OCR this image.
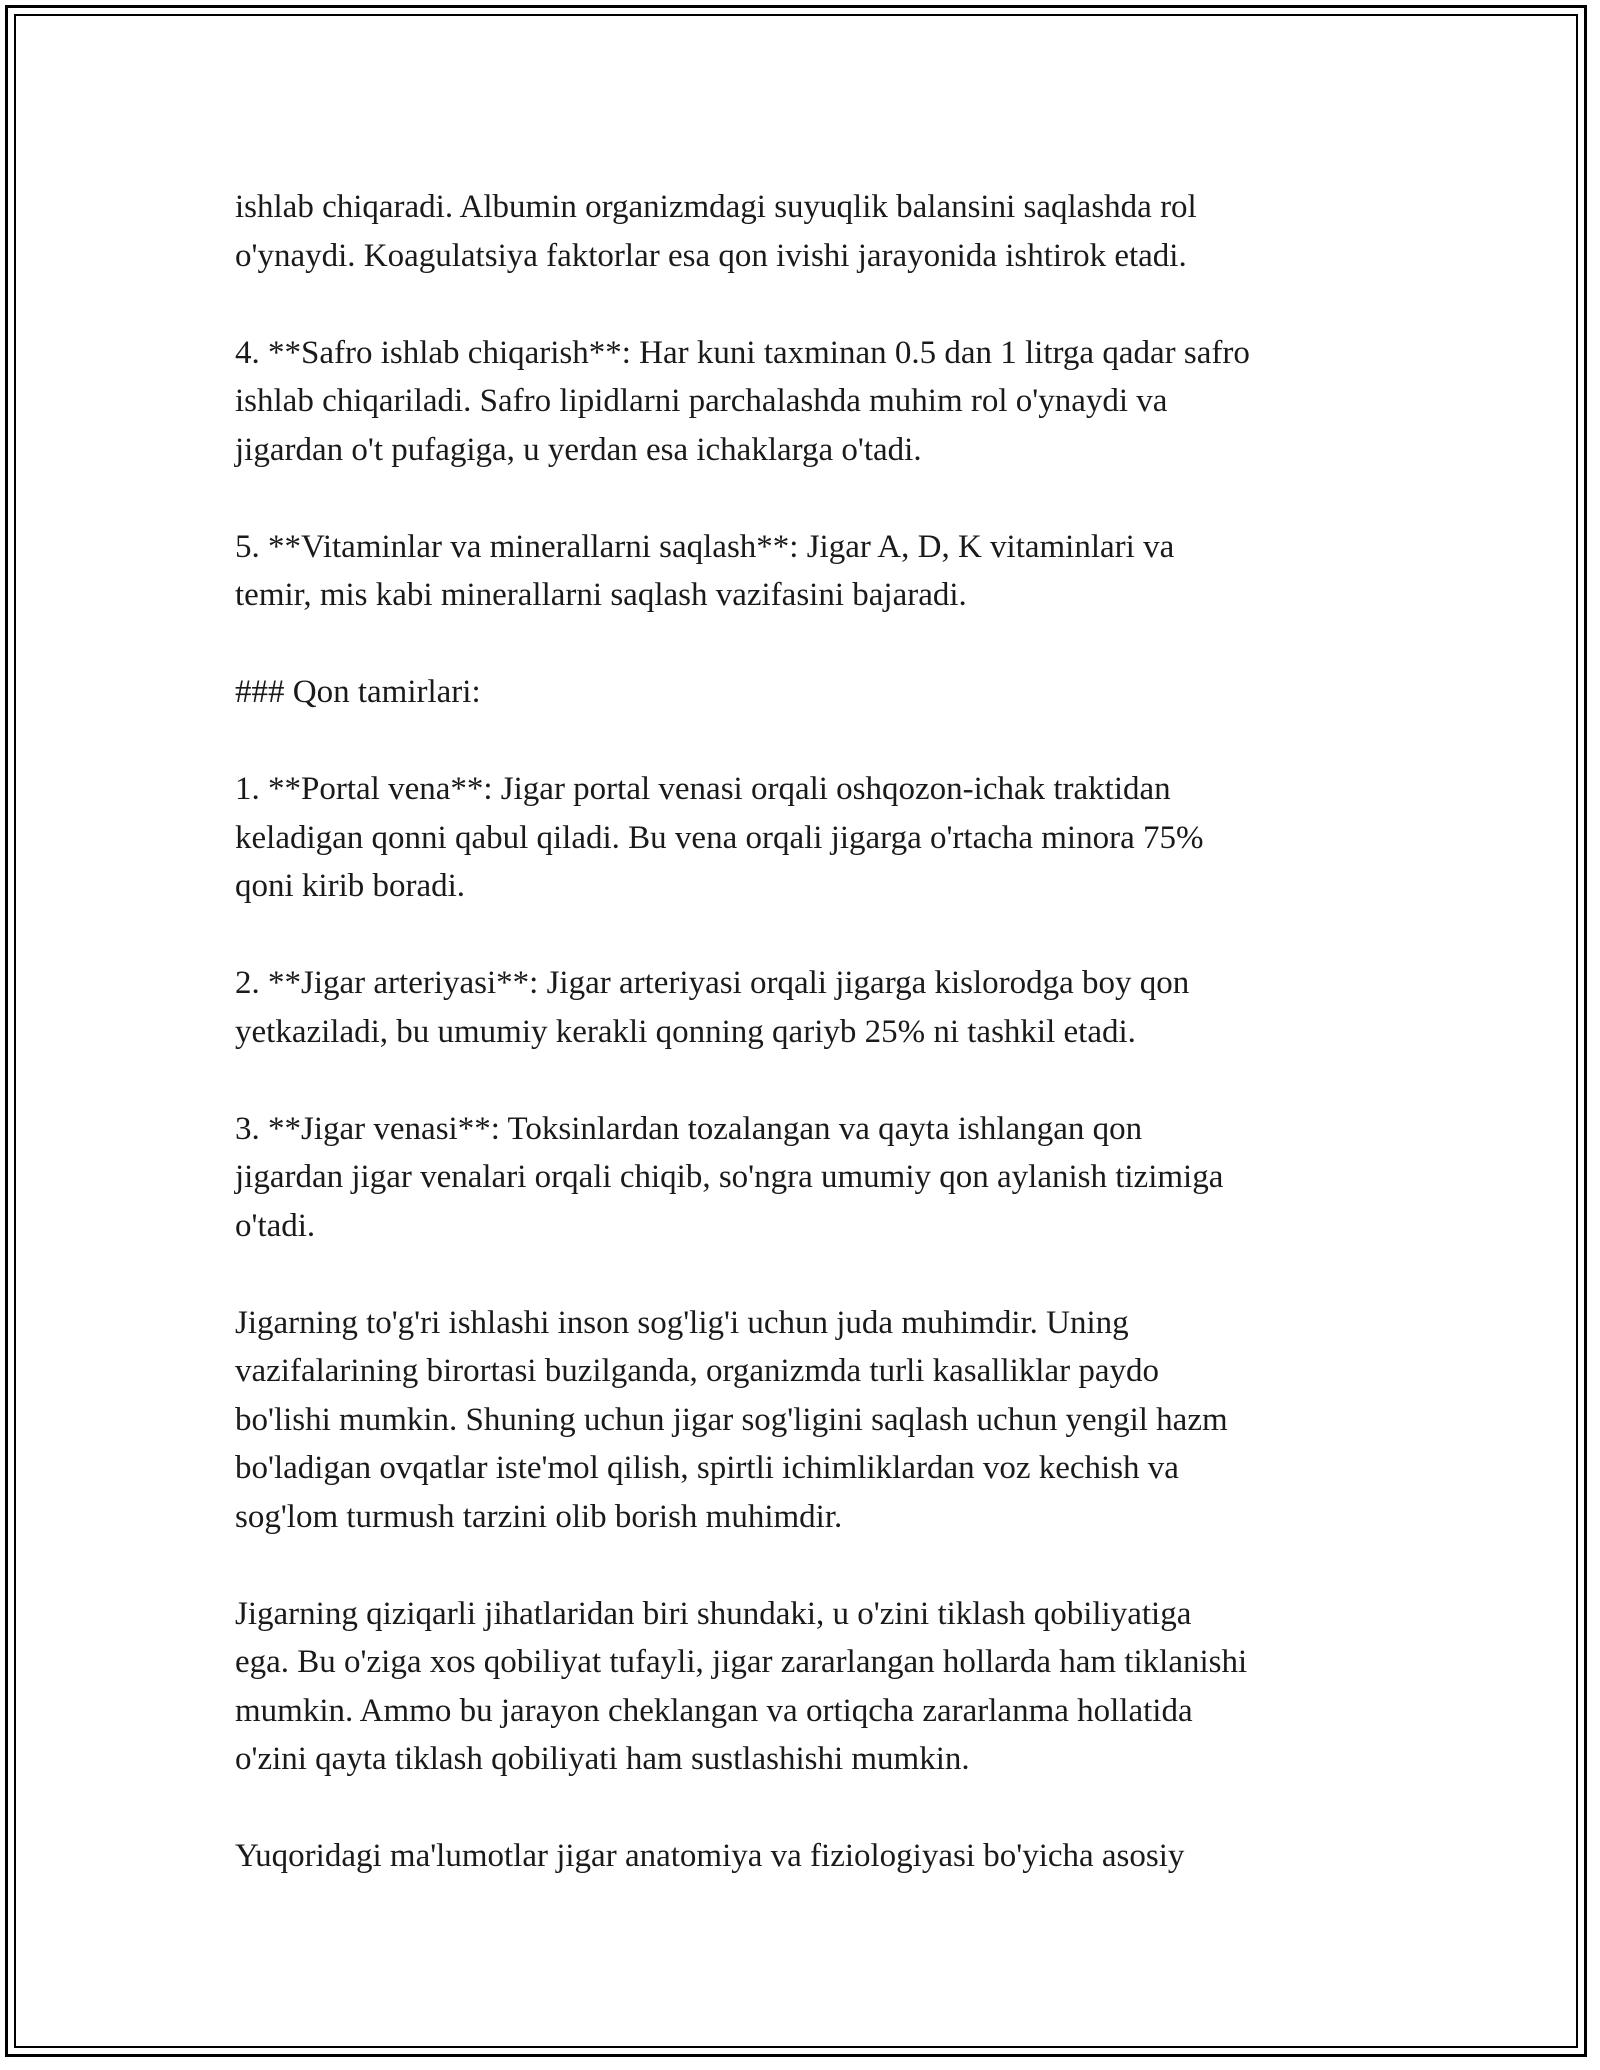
ishlab chiqaradi. Albumin organizmdagi suyuqlik balansini saqlashda rol
o'ynaydi. Koagulatsiya faktorlar esa qon ivishi jarayonida ishtirok etadi.

4. **Safro ishlab chiqarish**: Har kuni taxminan 0.5 dan 1 litrga qadar safro
ishlab chiqariladi. Safro lipidlarni parchalashda muhim rol o'ynaydi va
jigardan o't pufagiga, u yerdan esa ichaklarga o'tadi.

5. **Vitaminlar va minerallarni saqlash**: Jigar A, D, K vitaminlari va
temir, mis kabi minerallarni saqlash vazifasini bajaradi.

### Qon tamirlari:

1. **Portal vena**: Jigar portal venasi orqali oshqozon-ichak traktidan
keladigan qonni qabul qiladi. Bu vena orqali jigarga o'rtacha minora 75%
qoni kirib boradi.

2. **Jigar arteriyasi**: Jigar arteriyasi orqali jigarga kislorodga boy qon
yetkaziladi, bu umumiy kerakli qonning qariyb 25% ni tashkil etadi.

3. **Jigar venasi**: Toksinlardan tozalangan va qayta ishlangan qon
jigardan jigar venalari orqali chiqib, so'ngra umumiy qon aylanish tizimiga
o'tadi.

Jigarning to'g'ri ishlashi inson sog'lig'i uchun juda muhimdir. Uning
vazifalarining birortasi buzilganda, organizmda turli kasalliklar paydo
bo'lishi mumkin. Shuning uchun jigar sog'ligini saqlash uchun yengil hazm
bo'ladigan ovqatlar iste'mol qilish, spirtli ichimliklardan voz kechish va
sog'lom turmush tarzini olib borish muhimdir.

Jigarning qiziqarli jihatlaridan biri shundaki, u o'zini tiklash qobiliyatiga
ega. Bu o'ziga xos qobiliyat tufayli, jigar zararlangan hollarda ham tiklanishi
mumkin. Ammo bu jarayon cheklangan va ortiqcha zararlanma hollatida
o'zini qayta tiklash qobiliyati ham sustlashishi mumkin.

Yuqoridagi ma'lumotlar jigar anatomiya va fiziologiyasi bo'yicha asosiy
